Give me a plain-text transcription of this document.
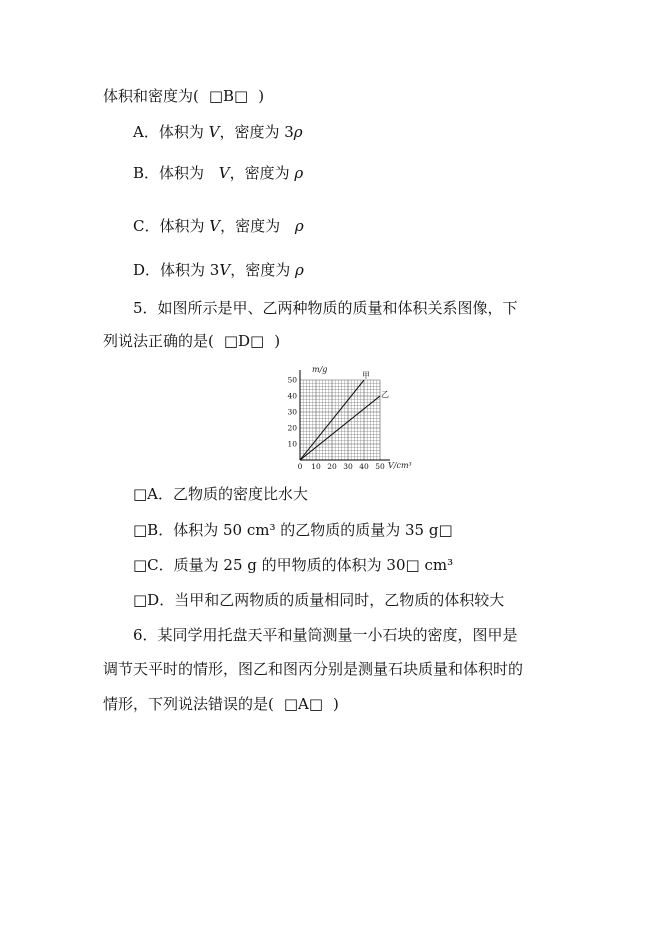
体积和密度为( □B□ )
A．体积为 V，密度为 3ρ
B．体积为 V，密度为 ρ
C．体积为 V，密度为 ρ
D．体积为 3V，密度为 ρ
5．如图所示是甲、乙两种物质的质量和体积关系图像，下
列说法正确的是( □D□ )
0 10 20 30 40 50
10
20
30
40
50	甲
乙
m/g
V/cm³
□A．乙物质的密度比水大
□B．体积为 50 cm³ 的乙物质的质量为 35 g□
□C．质量为 25 g 的甲物质的体积为 30□ cm³
□D．当甲和乙两物质的质量相同时，乙物质的体积较大
6．某同学用托盘天平和量筒测量一小石块的密度，图甲是
调节天平时的情形，图乙和图丙分别是测量石块质量和体积时的
情形，下列说法错误的是( □A□ )
